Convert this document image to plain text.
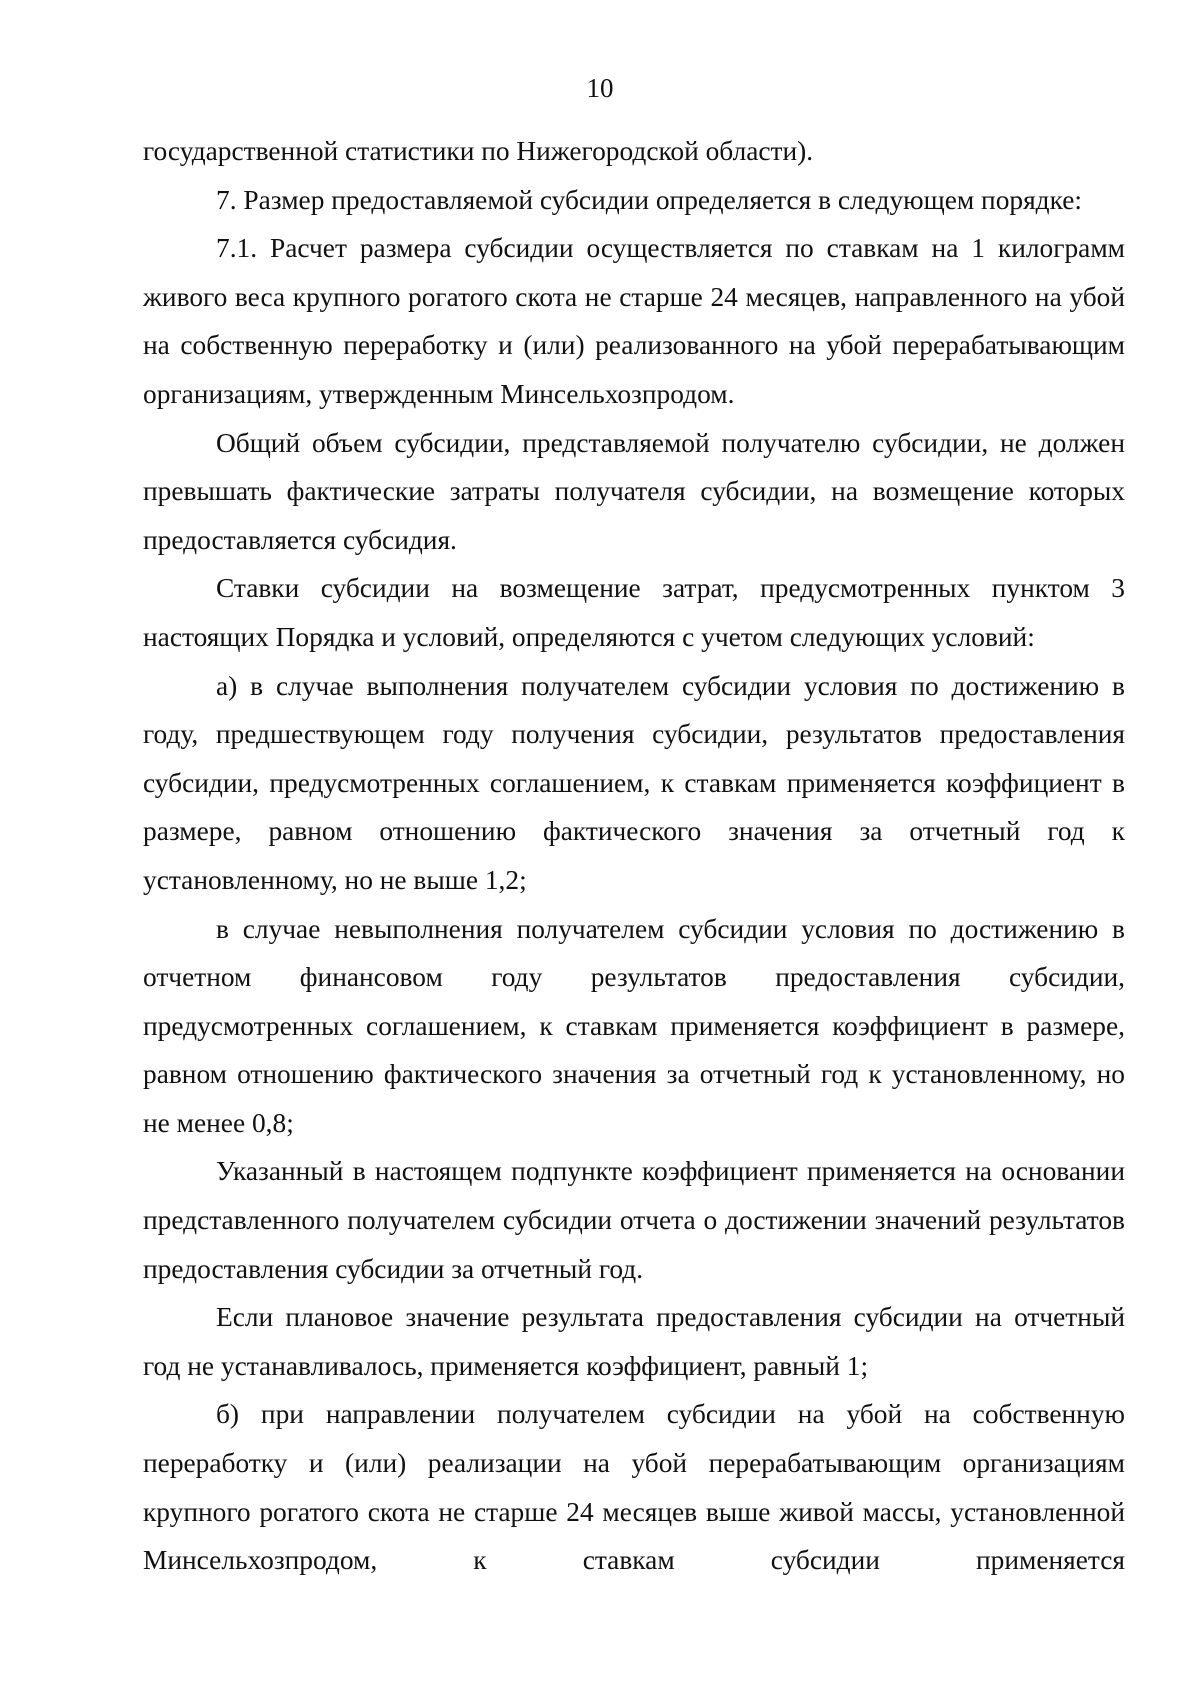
10

государственной статистики по Нижегородской области).

7. Размер предоставляемой субсидии определяется в следующем порядке:

7.1. Расчет размера субсидии осуществляется по ставкам на 1 килограмм живого веса крупного рогатого скота не старше 24 месяцев, направленного на убой на собственную переработку и (или) реализованного на убой перерабатывающим организациям, утвержденным Минсельхозпродом.

Общий объем субсидии, представляемой получателю субсидии, не должен превышать фактические затраты получателя субсидии, на возмещение которых предоставляется субсидия.

Ставки субсидии на возмещение затрат, предусмотренных пунктом 3 настоящих Порядка и условий, определяются с учетом следующих условий:

а) в случае выполнения получателем субсидии условия по достижению в году, предшествующем году получения субсидии, результатов предоставления субсидии, предусмотренных соглашением, к ставкам применяется коэффициент в размере, равном отношению фактического значения за отчетный год к установленному, но не выше 1,2;

в случае невыполнения получателем субсидии условия по достижению в отчетном финансовом году результатов предоставления субсидии, предусмотренных соглашением, к ставкам применяется коэффициент в размере, равном отношению фактического значения за отчетный год к установленному, но не менее 0,8;

Указанный в настоящем подпункте коэффициент применяется на основании представленного получателем субсидии отчета о достижении значений результатов предоставления субсидии за отчетный год.

Если плановое значение результата предоставления субсидии на отчетный год не устанавливалось, применяется коэффициент, равный 1;

б) при направлении получателем субсидии на убой на собственную переработку и (или) реализации на убой перерабатывающим организациям крупного рогатого скота не старше 24 месяцев выше живой массы, установленной Минсельхозпродом, к ставкам субсидии применяется
